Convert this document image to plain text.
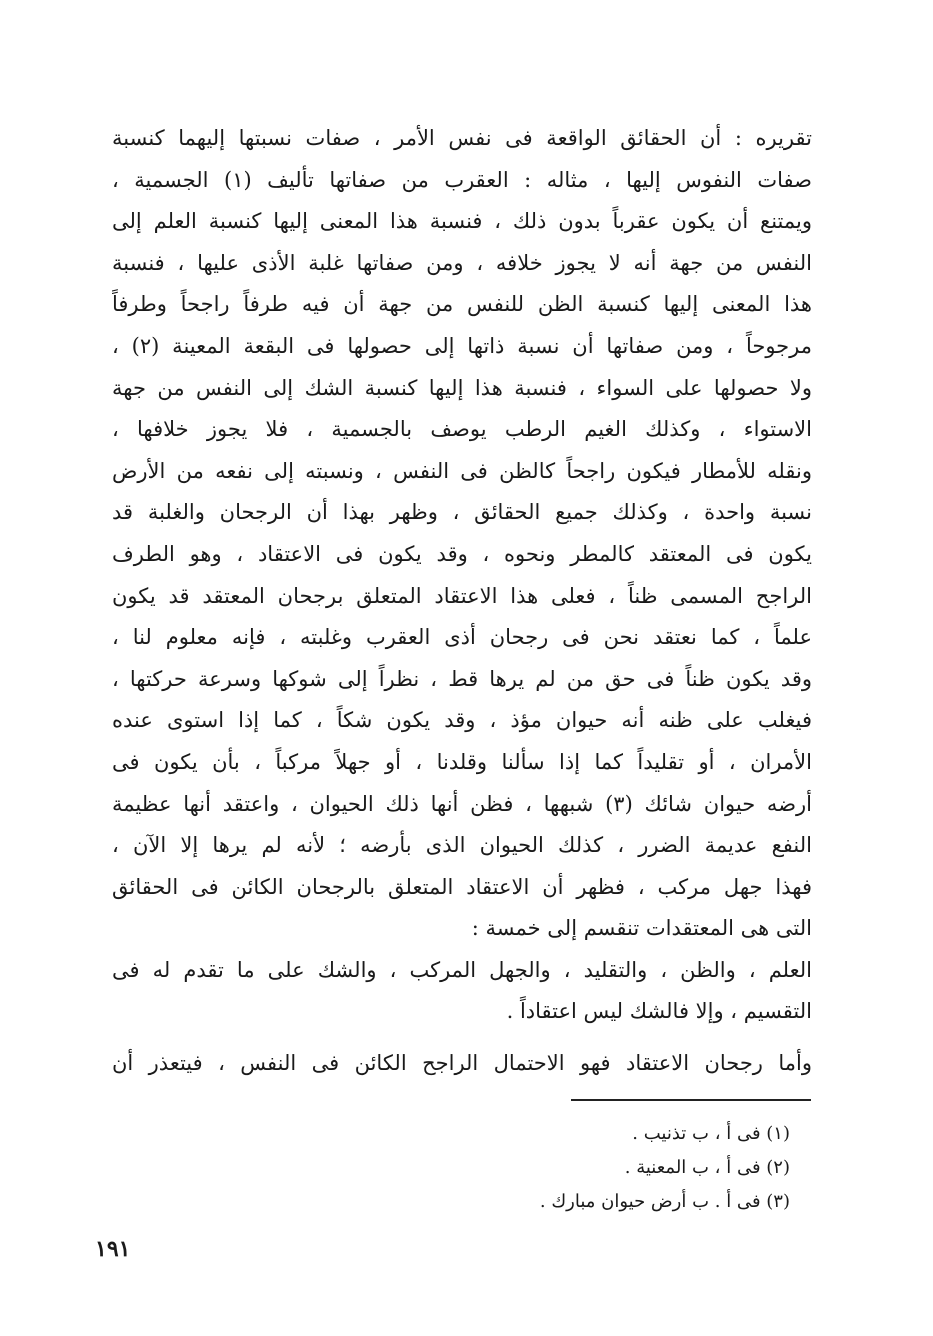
تقريره : أن الحقائق الواقعة فى نفس الأمر ، صفات نسبتها إليهما كنسبة
صفات النفوس إليها ، مثاله : العقرب من صفاتها تأليف (١) الجسمية ،
ويمتنع أن يكون عقرباً بدون ذلك ، فنسبة هذا المعنى إليها كنسبة العلم إلى
النفس من جهة أنه لا يجوز خلافه ، ومن صفاتها غلبة الأذى عليها ، فنسبة
هذا المعنى إليها كنسبة الظن للنفس من جهة أن فيه طرفاً راجحاً وطرفاً
مرجوحاً ، ومن صفاتها أن نسبة ذاتها إلى حصولها فى البقعة المعينة (٢) ،
ولا حصولها على السواء ، فنسبة هذا إليها كنسبة الشك إلى النفس من جهة
الاستواء ، وكذلك الغيم الرطب يوصف بالجسمية ، فلا يجوز خلافها ،
ونقله للأمطار فيكون راجحاً كالظن فى النفس ، ونسبته إلى نفعه من الأرض
نسبة واحدة ، وكذلك جميع الحقائق ، وظهر بهذا أن الرجحان والغلبة قد
يكون فى المعتقد كالمطر ونحوه ، وقد يكون فى الاعتقاد ، وهو الطرف
الراجح المسمى ظناً ، فعلى هذا الاعتقاد المتعلق برجحان المعتقد قد يكون
علماً ، كما نعتقد نحن فى رجحان أذى العقرب وغلبته ، فإنه معلوم لنا ،
وقد يكون ظناً فى حق من لم يرها قط ، نظراً إلى شوكها وسرعة حركتها ،
فيغلب على ظنه أنه حيوان مؤذ ، وقد يكون شكاً ، كما إذا استوى عنده
الأمران ، أو تقليداً كما إذا سألنا وقلدنا ، أو جهلاً مركباً ، بأن يكون فى
أرضه حيوان شائك (٣) شبهها ، فظن أنها ذلك الحيوان ، واعتقد أنها عظيمة
النفع عديمة الضرر ، كذلك الحيوان الذى بأرضه ؛ لأنه لم يرها إلا الآن ،
فهذا جهل مركب ، فظهر أن الاعتقاد المتعلق بالرجحان الكائن فى الحقائق
التى هى المعتقدات تنقسم إلى خمسة :
العلم ، والظن ، والتقليد ، والجهل المركب ، والشك على ما تقدم له فى
التقسيم ، وإلا فالشك ليس اعتقاداً .
وأما رجحان الاعتقاد فهو الاحتمال الراجح الكائن فى النفس ، فيتعذر أن
(١) فى أ ، ب تذنيب .
(٢) فى أ ، ب المعنية .
(٣) فى أ . ب أرض حيوان مبارك .
١٩١
